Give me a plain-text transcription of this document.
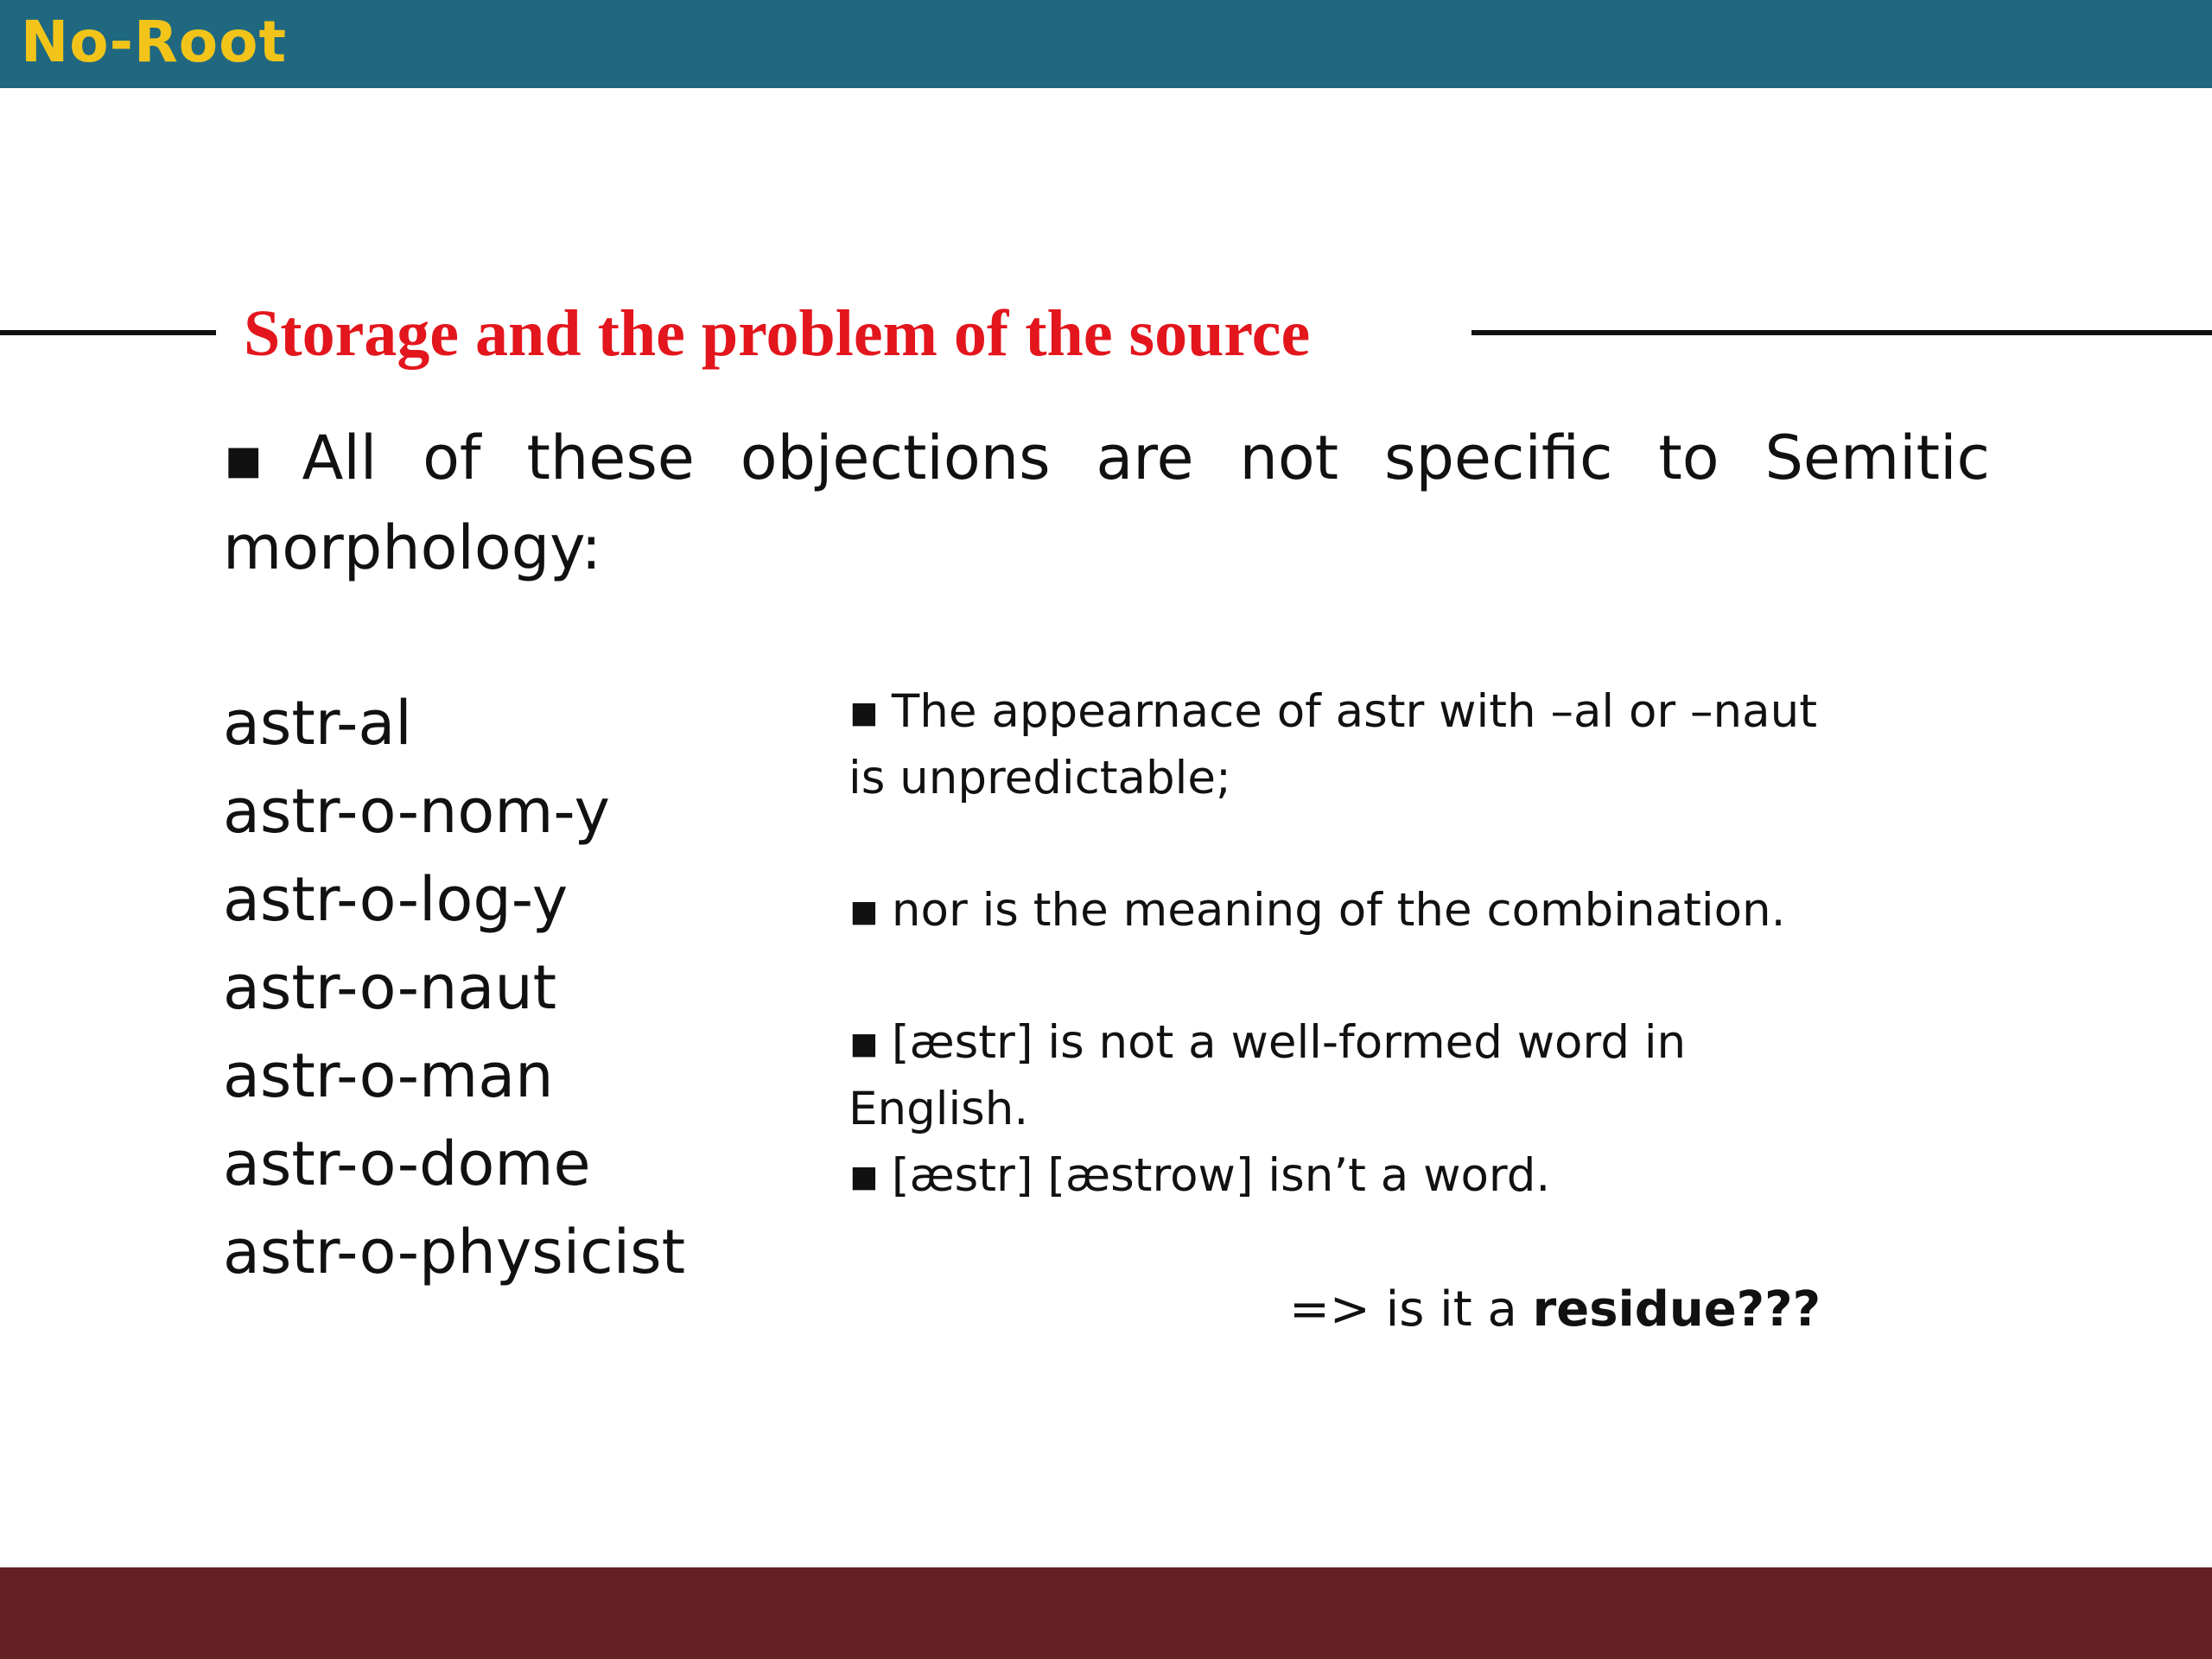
No-Root
Storage and the problem of the source
▪ All of these objections are not specific to Semitic morphology:
astr-al
astr-o-nom-y
astr-o-log-y
astr-o-naut
astr-o-man
astr-o-dome
astr-o-physicist
▪ The appearnace of astr with –al or –naut is unpredictable;
▪ nor is the meaning of the combination.
▪ [æstr] is not a well-formed word in English.
▪ [æstr] [æstrow] isn’t a word.
=> is it a residue???
